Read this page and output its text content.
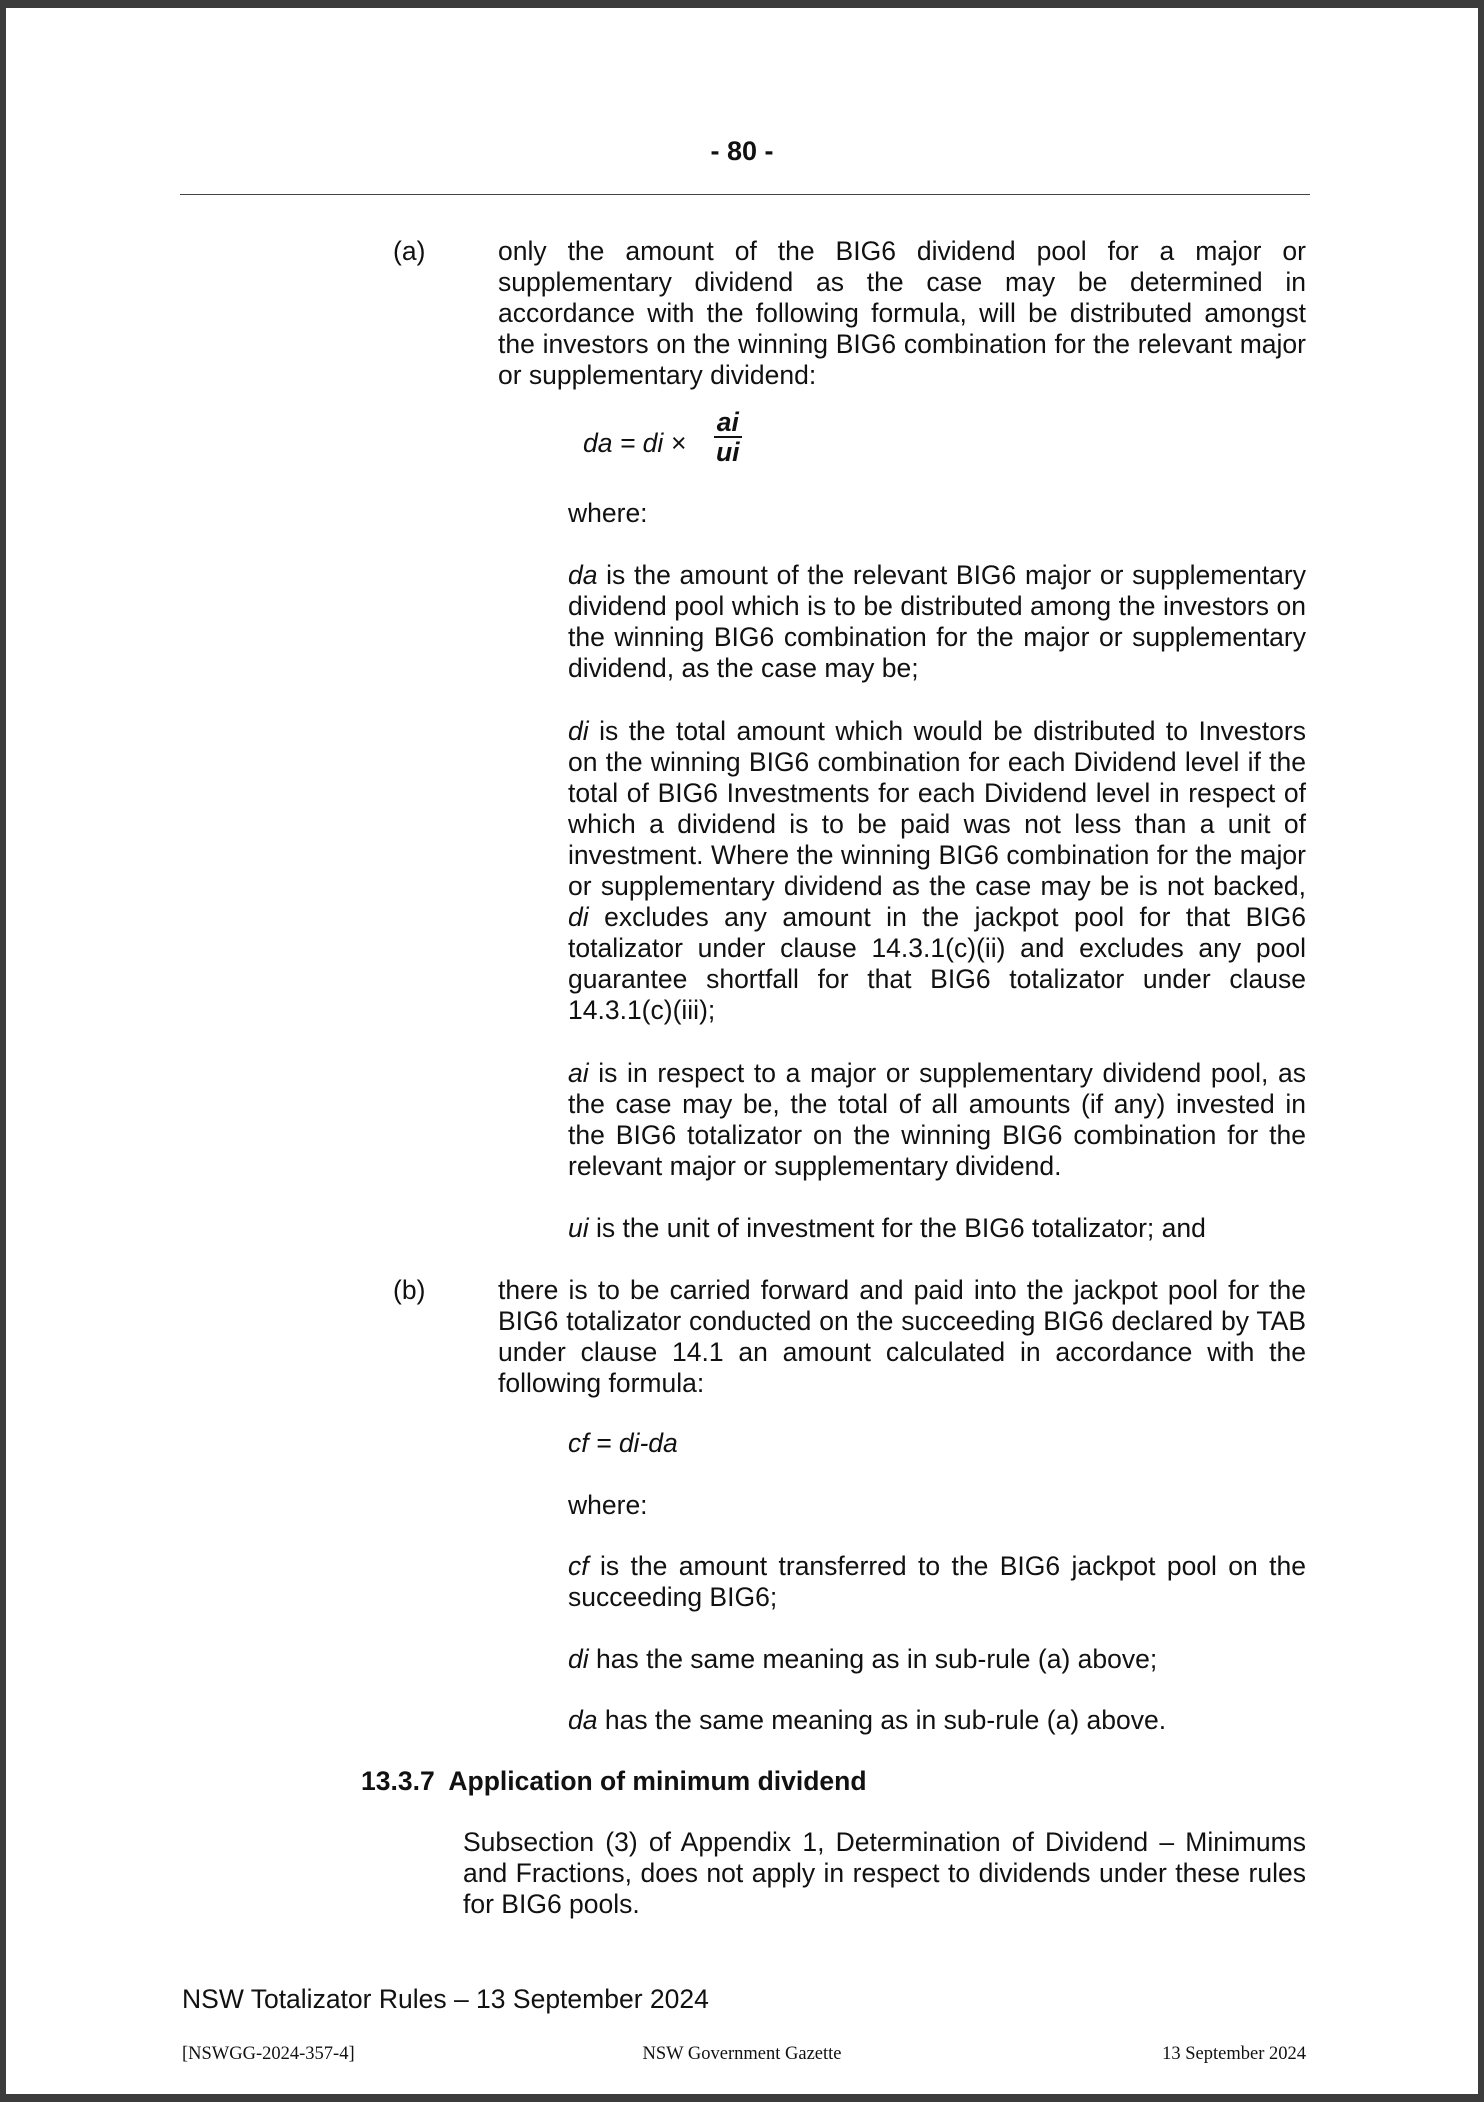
- 80 -
(a)	only the amount of the BIG6 dividend pool for a major or supplementary dividend as the case may be determined in accordance with the following formula, will be distributed amongst the investors on the winning BIG6 combination for the relevant major or supplementary dividend:

da = di × $\frac{ai}{ui}$
where:

da is the amount of the relevant BIG6 major or supplementary dividend pool which is to be distributed among the investors on the winning BIG6 combination for the major or supplementary dividend, as the case may be;

di is the total amount which would be distributed to Investors on the winning BIG6 combination for each Dividend level if the total of BIG6 Investments for each Dividend level in respect of which a dividend is to be paid was not less than a unit of investment. Where the winning BIG6 combination for the major or supplementary dividend as the case may be is not backed, di excludes any amount in the jackpot pool for that BIG6 totalizator under clause 14.3.1(c)(ii) and excludes any pool guarantee shortfall for that BIG6 totalizator under clause 14.3.1(c)(iii);

ai is in respect to a major or supplementary dividend pool, as the case may be, the total of all amounts (if any) invested in the BIG6 totalizator on the winning BIG6 combination for the relevant major or supplementary dividend.

ui is the unit of investment for the BIG6 totalizator; and

(b)	there is to be carried forward and paid into the jackpot pool for the BIG6 totalizator conducted on the succeeding BIG6 declared by TAB under clause 14.1 an amount calculated in accordance with the following formula:

cf = di-da
where:

cf is the amount transferred to the BIG6 jackpot pool on the succeeding BIG6;

di has the same meaning as in sub-rule (a) above;

da has the same meaning as in sub-rule (a) above.

13.3.7  Application of minimum dividend

Subsection (3) of Appendix 1, Determination of Dividend – Minimums and Fractions, does not apply in respect to dividends under these rules for BIG6 pools.

NSW Totalizator Rules – 13 September 2024
[NSWGG-2024-357-4]	NSW Government Gazette	13 September 2024
